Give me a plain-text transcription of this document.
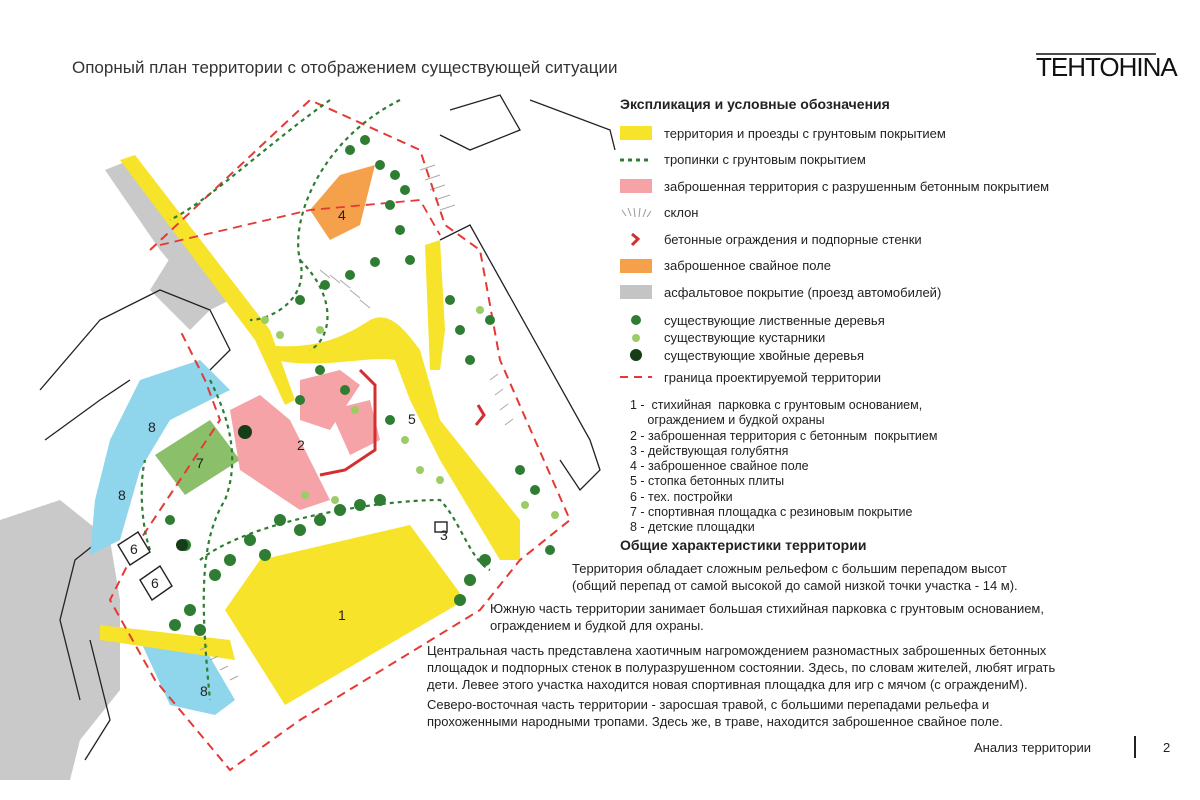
Опорный план территории с отображением существующей ситуации	TEHTOHINA
1
2
3
4
5
6
6
7
8
8
8
Экспликация и условные обозначения
территория и проезды с грунтовым покрытием
тропинки с грунтовым покрытием
заброшенная территория с разрушенным бетонным покрытием
склон
бетонные ограждения и подпорные стенки
заброшенное свайное поле
асфальтовое покрытие (проезд автомобилей)
существующие лиственные деревья
существующие кустарники
существующие хвойные деревья
граница проектируемой территории
1 -  стихийная  парковка с грунтовым основанием,
ограждением и будкой охраны
2 - заброшенная территория с бетонным  покрытием
3 - действующая голубятня
4 - заброшенное свайное поле
5 - стопка бетонных плиты
6 - тех. постройки
7 - спортивная площадка с резиновым покрытие
8 - детские площадки
Общие характеристики территории
Территория обладает сложным рельефом с большим перепадом высот
(общий перепад от самой высокой до самой низкой точки участка - 14 м).
Южную часть территории занимает большая стихийная парковка с грунтовым основанием,
ограждением и будкой для охраны.
Центральная часть представлена хаотичным нагромождением разномастных заброшенных бетонных
площадок и подпорных стенок в полуразрушенном состоянии. Здесь, по словам жителей, любят играть
дети. Левее этого участка находится новая спортивная площадка для игр с мячом (с ограждениМ).
Северо-восточная часть территории - заросшая травой, с большими перепадами рельефа и
прохоженными народными тропами. Здесь же, в траве, находится заброшенное свайное поле.
Анализ территории	2
